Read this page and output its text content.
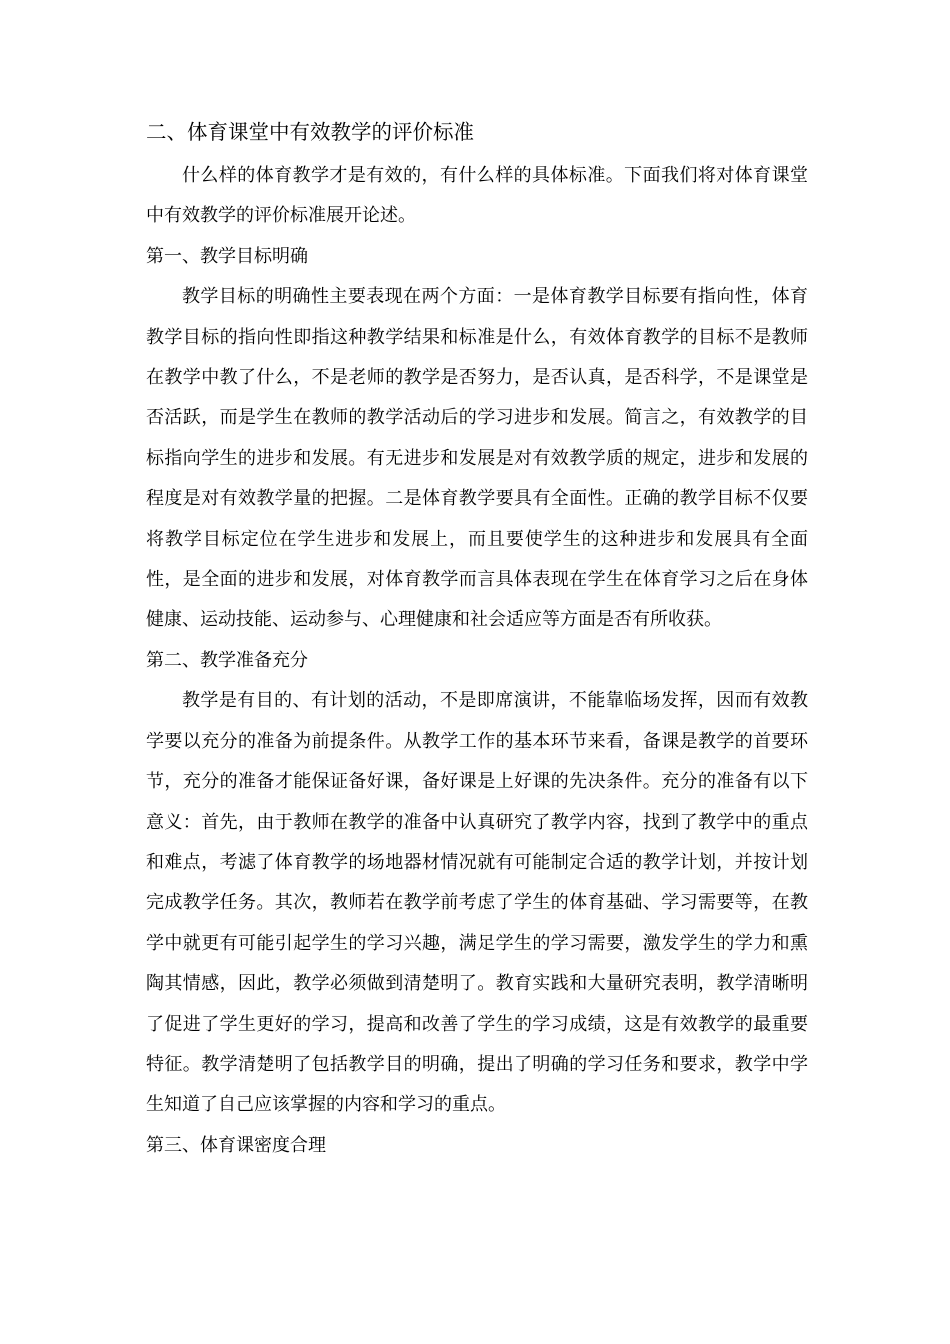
二、体育课堂中有效教学的评价标准

什么样的体育教学才是有效的，有什么样的具体标准。下面我们将对体育课堂中有效教学的评价标准展开论述。

第一、教学目标明确

教学目标的明确性主要表现在两个方面：一是体育教学目标要有指向性，体育教学目标的指向性即指这种教学结果和标准是什么，有效体育教学的目标不是教师在教学中教了什么，不是老师的教学是否努力，是否认真，是否科学，不是课堂是否活跃，而是学生在教师的教学活动后的学习进步和发展。简言之，有效教学的目标指向学生的进步和发展。有无进步和发展是对有效教学质的规定，进步和发展的程度是对有效教学量的把握。二是体育教学要具有全面性。正确的教学目标不仅要将教学目标定位在学生进步和发展上，而且要使学生的这种进步和发展具有全面性，是全面的进步和发展，对体育教学而言具体表现在学生在体育学习之后在身体健康、运动技能、运动参与、心理健康和社会适应等方面是否有所收获。

第二、教学准备充分

教学是有目的、有计划的活动，不是即席演讲，不能靠临场发挥，因而有效教学要以充分的准备为前提条件。从教学工作的基本环节来看，备课是教学的首要环节，充分的准备才能保证备好课，备好课是上好课的先决条件。充分的准备有以下意义：首先，由于教师在教学的准备中认真研究了教学内容，找到了教学中的重点和难点，考滤了体育教学的场地器材情况就有可能制定合适的教学计划，并按计划完成教学任务。其次，教师若在教学前考虑了学生的体育基础、学习需要等，在教学中就更有可能引起学生的学习兴趣，满足学生的学习需要，激发学生的学力和熏陶其情感，因此，教学必须做到清楚明了。教育实践和大量研究表明，教学清晰明了促进了学生更好的学习，提高和改善了学生的学习成绩，这是有效教学的最重要特征。教学清楚明了包括教学目的明确，提出了明确的学习任务和要求，教学中学生知道了自己应该掌握的内容和学习的重点。

第三、体育课密度合理
